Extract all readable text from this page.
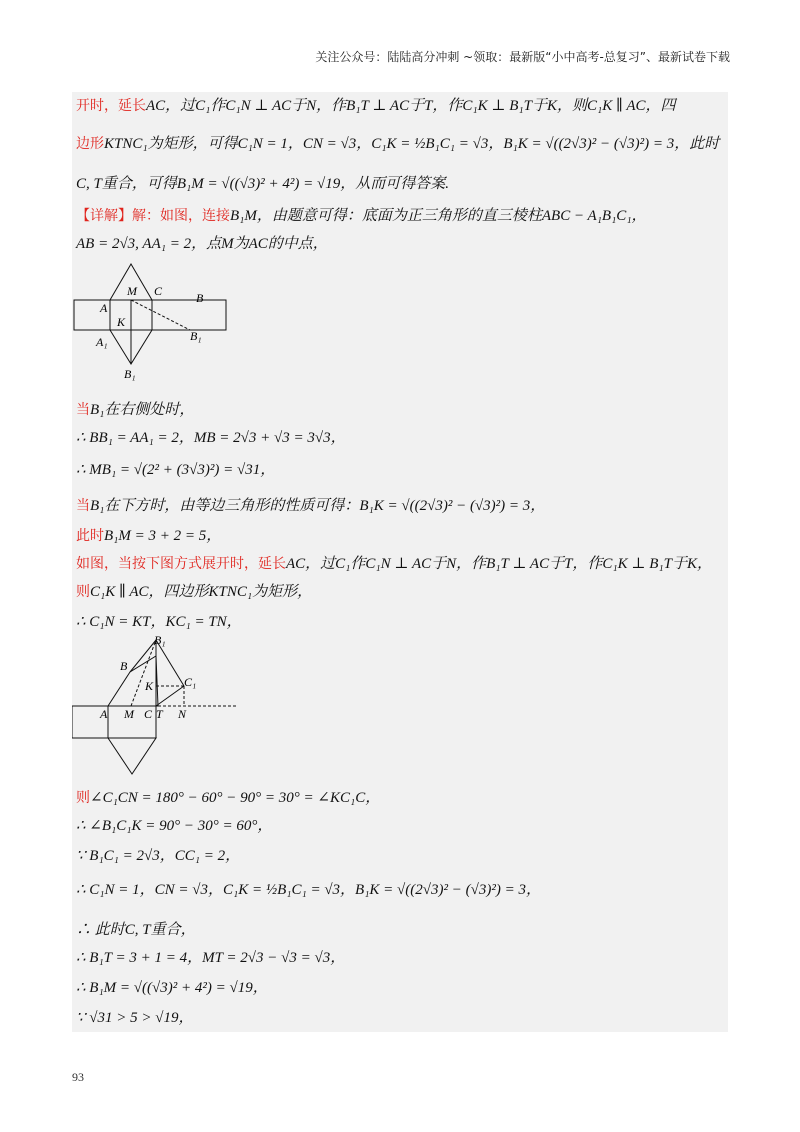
关注公众号：陆陆高分冲刺 ~领取：最新版“小中高考-总复习”、最新试卷下载
开时，延长AC，过C₁作C₁N ⊥ AC于N，作B₁T ⊥ AC于T，作C₁K ⊥ B₁T于K，则C₁K ∥ AC，四
边形KTNC₁为矩形，可得C₁N = 1，CN = √3，C₁K = ½B₁C₁ = √3，B₁K = √((2√3)² − (√3)²) = 3，此时
C, T重合，可得B₁M = √((√3)² + 4²) = √19，从而可得答案.
【详解】解：如图，连接B₁M，由题意可得：底面为正三角形的直三棱柱ABC − A₁B₁C₁，
AB = 2√3, AA₁ = 2，点M为AC的中点，
M C	B
A
K
B₁
A₁
B₁
当B₁在右侧处时，
∴ BB₁ = AA₁ = 2，MB = 2√3 + √3 = 3√3，
∴ MB₁ = √(2² + (3√3)²) = √31，
当B₁在下方时，由等边三角形的性质可得：B₁K = √((2√3)² − (√3)²) = 3，
此时B₁M = 3 + 2 = 5，
如图，当按下图方式展开时，延长AC，过C₁作C₁N ⊥ AC于N，作B₁T ⊥ AC于T，作C₁K ⊥ B₁T于K，
则C₁K ∥ AC，四边形KTNC₁为矩形，
∴ C₁N = KT，KC₁ = TN，
B₁
B
K	C₁
A M C T N
则∠C₁CN = 180° − 60° − 90° = 30° = ∠KC₁C，
∴ ∠B₁C₁K = 90° − 30° = 60°，
∵ B₁C₁ = 2√3，CC₁ = 2，
∴ C₁N = 1，CN = √3，C₁K = ½B₁C₁ = √3，B₁K = √((2√3)² − (√3)²) = 3，
∴ 此时C, T重合，
∴ B₁T = 3 + 1 = 4，MT = 2√3 − √3 = √3，
∴ B₁M = √((√3)² + 4²) = √19，
∵ √31 > 5 > √19，
93
